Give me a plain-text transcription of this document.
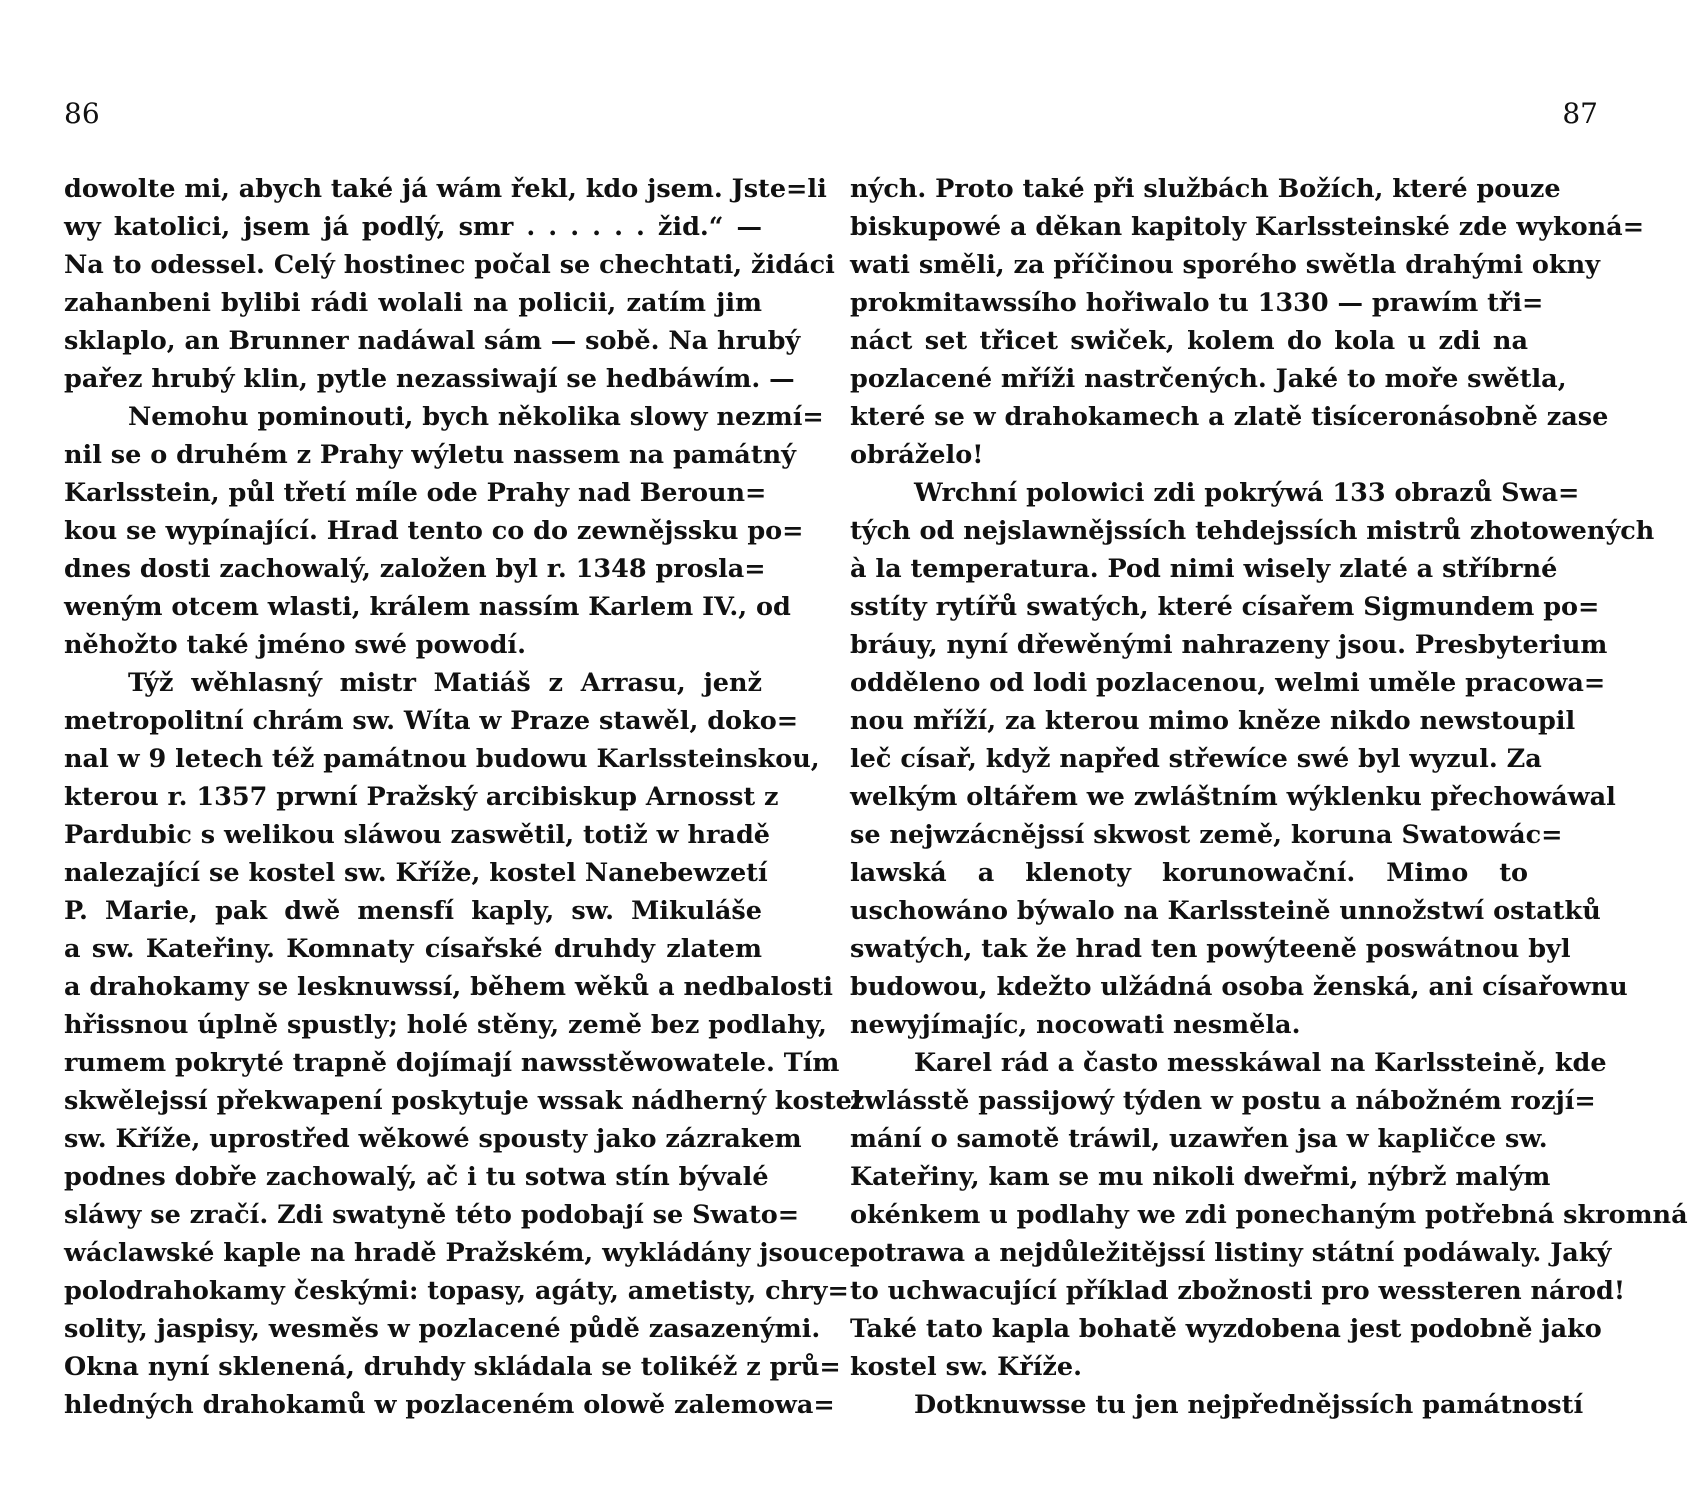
86	87
dowolte mi, abych také já wám řekl, kdo jsem. Jste=li
wy katolici, jsem já podlý, smr . . . . . . žid.“ —
Na to odessel. Celý hostinec počal se chechtati, židáci
zahanbeni bylibi rádi wolali na policii, zatím jim
sklaplo, an Brunner nadáwal sám — sobě. Na hrubý
pařez hrubý klin, pytle nezassiwají se hedbáwím. —
Nemohu pominouti, bych několika slowy nezmí=
nil se o druhém z Prahy wýletu nassem na památný
Karlsstein, půl třetí míle ode Prahy nad Beroun=
kou se wypínající. Hrad tento co do zewnějssku po=
dnes dosti zachowalý, založen byl r. 1348 prosla=
weným otcem wlasti, králem nassím Karlem IV., od
něhožto také jméno swé powodí.
Týž wěhlasný mistr Matiáš z Arrasu, jenž
metropolitní chrám sw. Wíta w Praze stawěl, doko=
nal w 9 letech též památnou budowu Karlssteinskou,
kterou r. 1357 prwní Pražský arcibiskup Arnosst z
Pardubic s welikou sláwou zaswětil, totiž w hradě
nalezající se kostel sw. Kříže, kostel Nanebewzetí
P. Marie, pak dwě mensfí kaply, sw. Mikuláše
a sw. Kateřiny. Komnaty císařské druhdy zlatem
a drahokamy se lesknuwssí, během wěků a nedbalosti
hřissnou úplně spustly; holé stěny, země bez podlahy,
rumem pokryté trapně dojímají nawsstěwowatele. Tím
skwělejssí překwapení poskytuje wssak nádherný kostel
sw. Kříže, uprostřed wěkowé spousty jako zázrakem
podnes dobře zachowalý, ač i tu sotwa stín bývalé
sláwy se zračí. Zdi swatyně této podobají se Swato=
wáclawské kaple na hradě Pražském, wykládány jsouce
polodrahokamy českými: topasy, agáty, ametisty, chry=
solity, jaspisy, wesměs w pozlacené půdě zasazenými.
Okna nyní sklenená, druhdy skládala se tolikéž z prů=
hledných drahokamů w pozlaceném olowě zalemowa=
ných. Proto také při službách Božích, které pouze
biskupowé a děkan kapitoly Karlssteinské zde wykoná=
wati směli, za příčinou sporého swětla drahými okny
prokmitawssího hořiwalo tu 1330 — prawím tři=
náct set třicet swiček, kolem do kola u zdi na
pozlacené mříži nastrčených. Jaké to moře swětla,
které se w drahokamech a zlatě tisíceronásobně zase
obráželo!
Wrchní polowici zdi pokrýwá 133 obrazů Swa=
tých od nejslawnějssích tehdejssích mistrů zhotowených
à la temperatura. Pod nimi wisely zlaté a stříbrné
sstíty rytířů swatých, které císařem Sigmundem po=
bráuy, nyní dřewěnými nahrazeny jsou. Presbyterium
odděleno od lodi pozlacenou, welmi uměle pracowa=
nou mříží, za kterou mimo kněze nikdo newstoupil
leč císař, když napřed střewíce swé byl wyzul. Za
welkým oltářem we zwláštním wýklenku přechowáwal
se nejwzácnějssí skwost země, koruna Swatowác=
lawská a klenoty korunowační. Mimo to
uschowáno býwalo na Karlssteině unnožstwí ostatků
swatých, tak že hrad ten powýteeně poswátnou byl
budowou, kdežto ulžádná osoba ženská, ani císařownu
newyjímajíc, nocowati nesměla.
Karel rád a často messkáwal na Karlssteině, kde
zwlásstě passijowý týden w postu a nábožném rozjí=
mání o samotě tráwil, uzawřen jsa w kapličce sw.
Kateřiny, kam se mu nikoli dweřmi, nýbrž malým
okénkem u podlahy we zdi ponechaným potřebná skromná
potrawa a nejdůležitějssí listiny státní podáwaly. Jaký
to uchwacující příklad zbožnosti pro wessteren národ!
Také tato kapla bohatě wyzdobena jest podobně jako
kostel sw. Kříže.
Dotknuwsse tu jen nejpřednějssích památností
